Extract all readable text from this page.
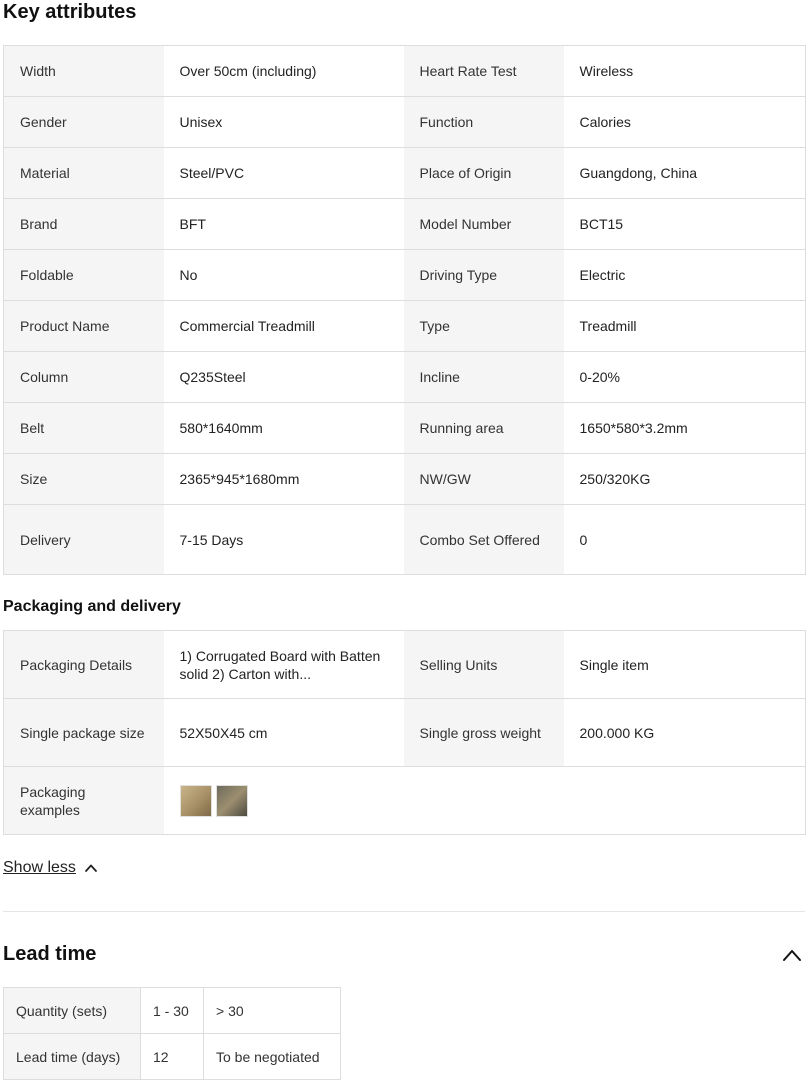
Key attributes
Width	Over 50cm (including)	Heart Rate Test	Wireless
Gender	Unisex	Function	Calories
Material	Steel/PVC	Place of Origin	Guangdong, China
Brand	BFT	Model Number	BCT15
Foldable	No	Driving Type	Electric
Product Name	Commercial Treadmill	Type	Treadmill
Column	Q235Steel	Incline	0-20%
Belt	580*1640mm	Running area	1650*580*3.2mm
Size	2365*945*1680mm	NW/GW	250/320KG
Delivery	7-15 Days	Combo Set Offered	0
Packaging and delivery
Packaging Details	1) Corrugated Board with Batten solid 2) Carton with...	Selling Units	Single item
Single package size	52X50X45 cm	Single gross weight	200.000 KG
Packaging examples			
Show less
Lead time
Quantity (sets)	1 - 30	> 30
Lead time (days)	12	To be negotiated
